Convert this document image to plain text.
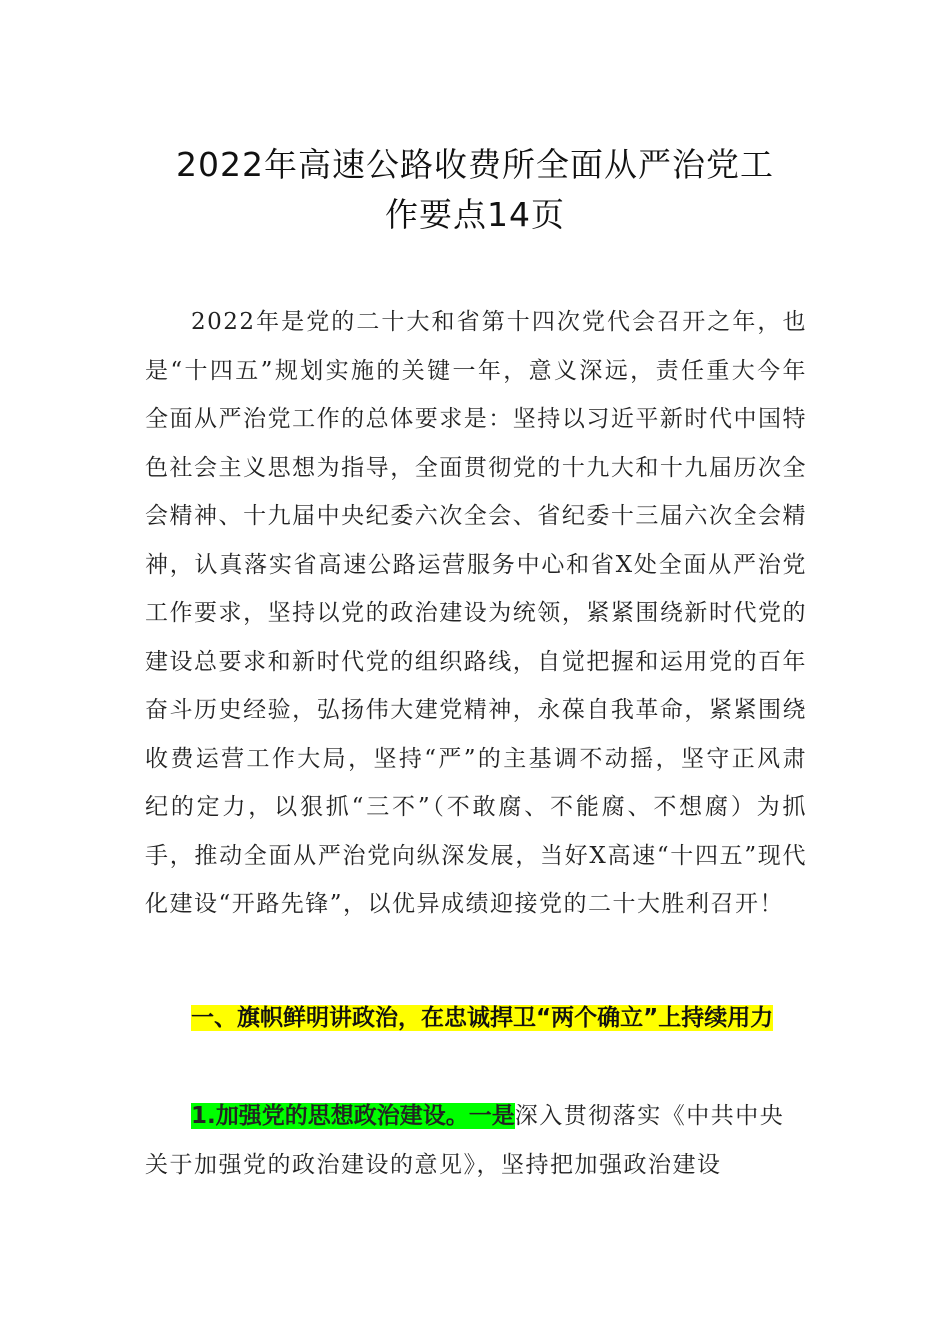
2022年高速公路收费所全面从严治党工
作要点14页

2022年是党的二十大和省第十四次党代会召开之年，也是“十四五”规划实施的关键一年，意义深远，责任重大今年全面从严治党工作的总体要求是：坚持以习近平新时代中国特色社会主义思想为指导，全面贯彻党的十九大和十九届历次全会精神、十九届中央纪委六次全会、省纪委十三届六次全会精神，认真落实省高速公路运营服务中心和省X处全面从严治党工作要求，坚持以党的政治建设为统领，紧紧围绕新时代党的建设总要求和新时代党的组织路线，自觉把握和运用党的百年奋斗历史经验，弘扬伟大建党精神，永葆自我革命，紧紧围绕收费运营工作大局，坚持“严”的主基调不动摇，坚守正风肃纪的定力，以狠抓“三不”（不敢腐、不能腐、不想腐）为抓手，推动全面从严治党向纵深发展，当好X高速“十四五”现代化建设“开路先锋”，以优异成绩迎接党的二十大胜利召开！

一、旗帜鲜明讲政治，在忠诚捍卫“两个确立”上持续用力

1.加强党的思想政治建设。一是深入贯彻落实《中共中央关于加强党的政治建设的意见》，坚持把加强政治建设
